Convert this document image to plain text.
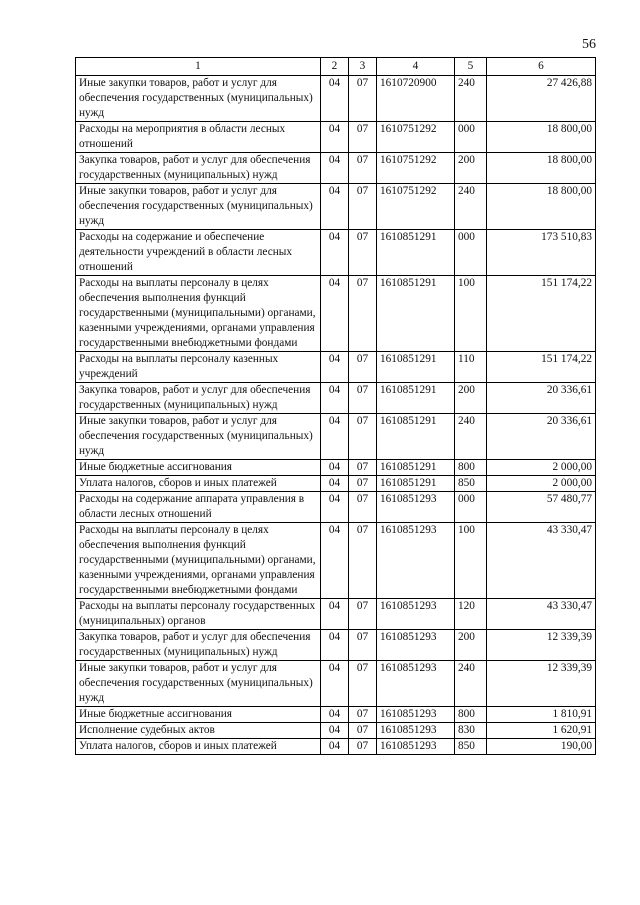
56
1	2	3	4	5	6
Иные закупки товаров, работ и услуг для обеспечения государственных (муниципальных) нужд	04	07	1610720900	240	27 426,88
Расходы на мероприятия в области лесных отношений	04	07	1610751292	000	18 800,00
Закупка товаров, работ и услуг для обеспечения государственных (муниципальных) нужд	04	07	1610751292	200	18 800,00
Иные закупки товаров, работ и услуг для обеспечения государственных (муниципальных) нужд	04	07	1610751292	240	18 800,00
Расходы на содержание и обеспечение деятельности учреждений в области лесных отношений	04	07	1610851291	000	173 510,83
Расходы на выплаты персоналу в целях обеспечения выполнения функций государственными (муниципальными) органами, казенными учреждениями, органами управления государственными внебюджетными фондами	04	07	1610851291	100	151 174,22
Расходы на выплаты персоналу казенных учреждений	04	07	1610851291	110	151 174,22
Закупка товаров, работ и услуг для обеспечения государственных (муниципальных) нужд	04	07	1610851291	200	20 336,61
Иные закупки товаров, работ и услуг для обеспечения государственных (муниципальных) нужд	04	07	1610851291	240	20 336,61
Иные бюджетные ассигнования	04	07	1610851291	800	2 000,00
Уплата налогов, сборов и иных платежей	04	07	1610851291	850	2 000,00
Расходы на содержание аппарата управления в области лесных отношений	04	07	1610851293	000	57 480,77
Расходы на выплаты персоналу в целях обеспечения выполнения функций государственными (муниципальными) органами, казенными учреждениями, органами управления государственными внебюджетными фондами	04	07	1610851293	100	43 330,47
Расходы на выплаты персоналу государственных (муниципальных) органов	04	07	1610851293	120	43 330,47
Закупка товаров, работ и услуг для обеспечения государственных (муниципальных) нужд	04	07	1610851293	200	12 339,39
Иные закупки товаров, работ и услуг для обеспечения государственных (муниципальных) нужд	04	07	1610851293	240	12 339,39
Иные бюджетные ассигнования	04	07	1610851293	800	1 810,91
Исполнение судебных актов	04	07	1610851293	830	1 620,91
Уплата налогов, сборов и иных платежей	04	07	1610851293	850	190,00
